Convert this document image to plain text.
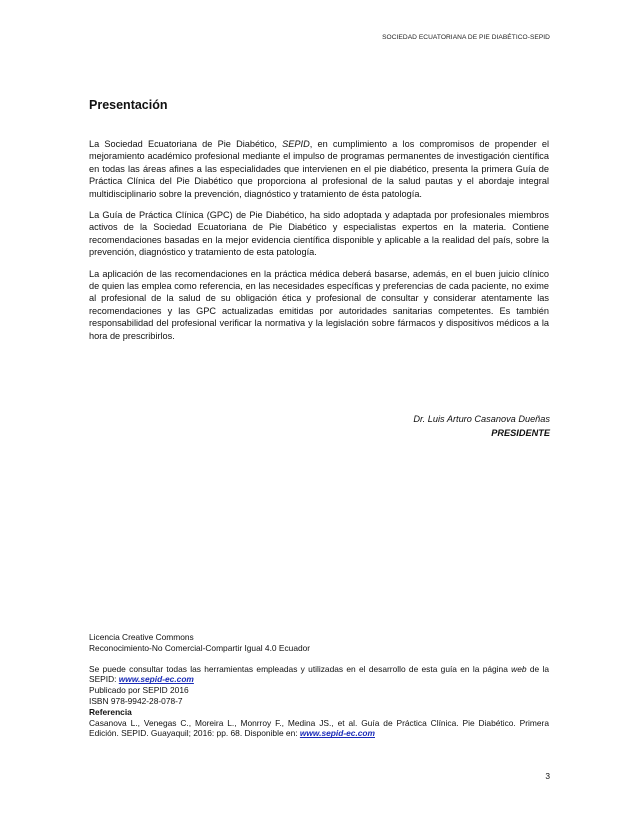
SOCIEDAD ECUATORIANA DE PIE DIABÉTICO-SEPID
Presentación

La Sociedad Ecuatoriana de Pie Diabético, SEPID, en cumplimiento a los compromisos de propender el mejoramiento académico profesional mediante el impulso de programas permanentes de investigación científica en todas las áreas afines a las especialidades que intervienen en el pie diabético, presenta la primera Guía de Práctica Clínica del Pie Diabético que proporciona al profesional de la salud pautas y el abordaje integral multidisciplinario sobre la prevención, diagnóstico y tratamiento de ésta patología.

La Guía de Práctica Clínica (GPC) de Pie Diabético, ha sido adoptada y adaptada por profesionales miembros activos de la Sociedad Ecuatoriana de Pie Diabético y especialistas expertos en la materia. Contiene recomendaciones basadas en la mejor evidencia científica disponible y aplicable a la realidad del país, sobre la prevención, diagnóstico y tratamiento de esta patología.

La aplicación de las recomendaciones en la práctica médica deberá basarse, además, en el buen juicio clínico de quien las emplea como referencia, en las necesidades específicas y preferencias de cada paciente, no exime al profesional de la salud de su obligación ética y profesional de consultar y considerar atentamente las recomendaciones y las GPC actualizadas emitidas por autoridades sanitarias competentes. Es también responsabilidad del profesional verificar la normativa y la legislación sobre fármacos y dispositivos médicos a la hora de prescribirlos.

Dr. Luis Arturo Casanova Dueñas
PRESIDENTE
Licencia Creative Commons
Reconocimiento-No Comercial-Compartir Igual 4.0 Ecuador
Se puede consultar todas las herramientas empleadas y utilizadas en el desarrollo de esta guía en la página web de la SEPID: www.sepid-ec.com
Publicado por SEPID 2016
ISBN 978-9942-28-078-7
Referencia
Casanova L., Venegas C., Moreira L., Monrroy F., Medina JS., et al. Guía de Práctica Clínica. Pie Diabético. Primera Edición. SEPID. Guayaquil; 2016: pp. 68. Disponible en: www.sepid-ec.com
3
